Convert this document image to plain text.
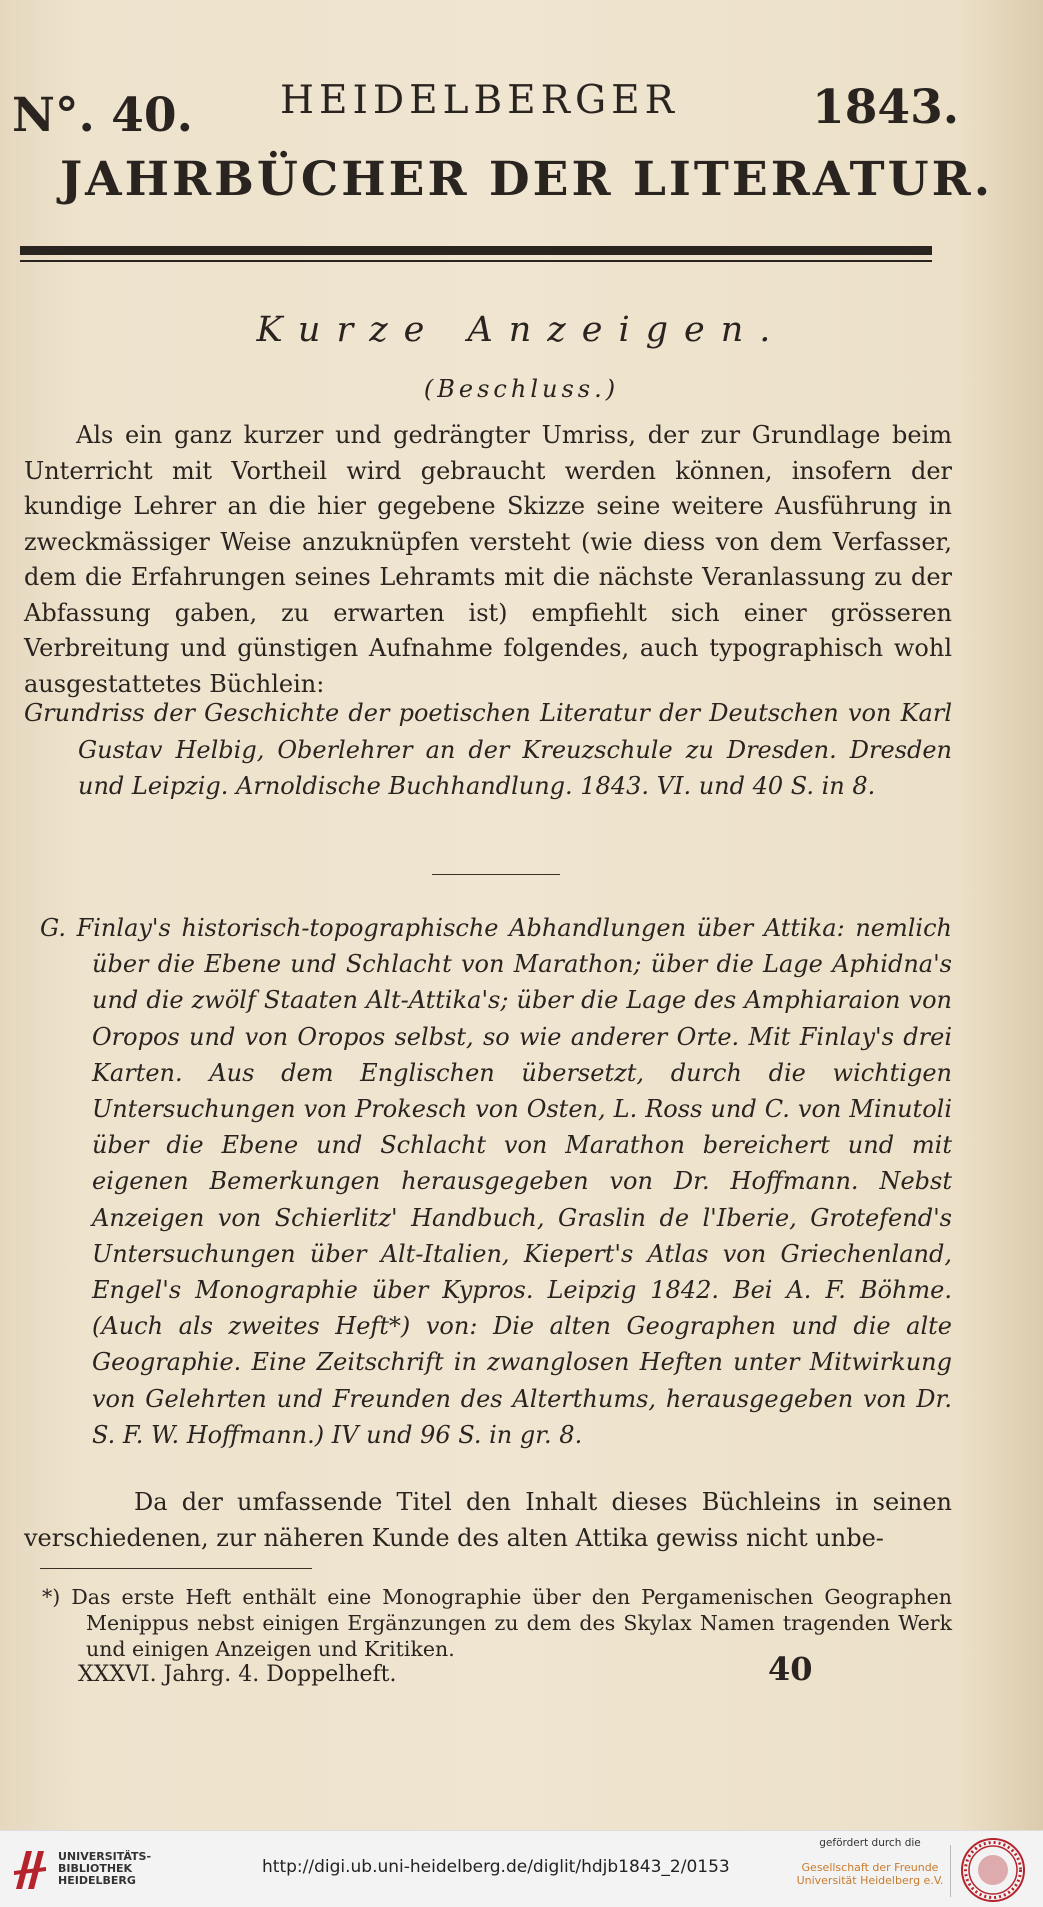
N°. 40. HEIDELBERGER	1843.
JAHRBÜCHER DER LITERATUR.
Kurze Anzeigen.
(Beschluss.)
Als ein ganz kurzer und gedrängter Umriss, der zur Grundlage beim Unterricht mit Vortheil wird gebraucht werden können, insofern der kundige Lehrer an die hier gegebene Skizze seine weitere Ausführung in zweckmässiger Weise anzuknüpfen versteht (wie diess von dem Verfasser, dem die Erfahrungen seines Lehramts mit die nächste Veranlassung zu der Abfassung gaben, zu erwarten ist) empfiehlt sich einer grösseren Verbreitung und günstigen Aufnahme folgendes, auch typographisch wohl ausgestattetes Büchlein:
Grundriss der Geschichte der poetischen Literatur der Deutschen von Karl Gustav Helbig, Oberlehrer an der Kreuzschule zu Dresden. Dresden und Leipzig. Arnoldische Buchhandlung. 1843. VI. und 40 S. in 8.
G. Finlay's historisch-topographische Abhandlungen über Attika: nemlich über die Ebene und Schlacht von Marathon; über die Lage Aphidna's und die zwölf Staaten Alt-Attika's; über die Lage des Amphiaraion von Oropos und von Oropos selbst, so wie anderer Orte. Mit Finlay's drei Karten. Aus dem Englischen übersetzt, durch die wichtigen Untersuchungen von Prokesch von Osten, L. Ross und C. von Minutoli über die Ebene und Schlacht von Marathon bereichert und mit eigenen Bemerkungen herausgegeben von Dr. Hoffmann. Nebst Anzeigen von Schierlitz' Handbuch, Graslin de l'Iberie, Grotefend's Untersuchungen über Alt-Italien, Kiepert's Atlas von Griechenland, Engel's Monographie über Kypros. Leipzig 1842. Bei A. F. Böhme. (Auch als zweites Heft*) von: Die alten Geographen und die alte Geographie. Eine Zeitschrift in zwanglosen Heften unter Mitwirkung von Gelehrten und Freunden des Alterthums, herausgegeben von Dr. S. F. W. Hoffmann.) IV und 96 S. in gr. 8.
Da der umfassende Titel den Inhalt dieses Büchleins in seinen verschiedenen, zur näheren Kunde des alten Attika gewiss nicht unbe-
*) Das erste Heft enthält eine Monographie über den Pergamenischen Geographen Menippus nebst einigen Ergänzungen zu dem des Skylax Namen tragenden Werk und einigen Anzeigen und Kritiken.
XXXVI. Jahrg. 4. Doppelheft.	40
UNIVERSITÄTS-
BIBLIOTHEK
HEIDELBERG
http://digi.ub.uni-heidelberg.de/diglit/hdjb1843_2/0153
gefördert durch die
Gesellschaft der Freunde
Universität Heidelberg e.V.
